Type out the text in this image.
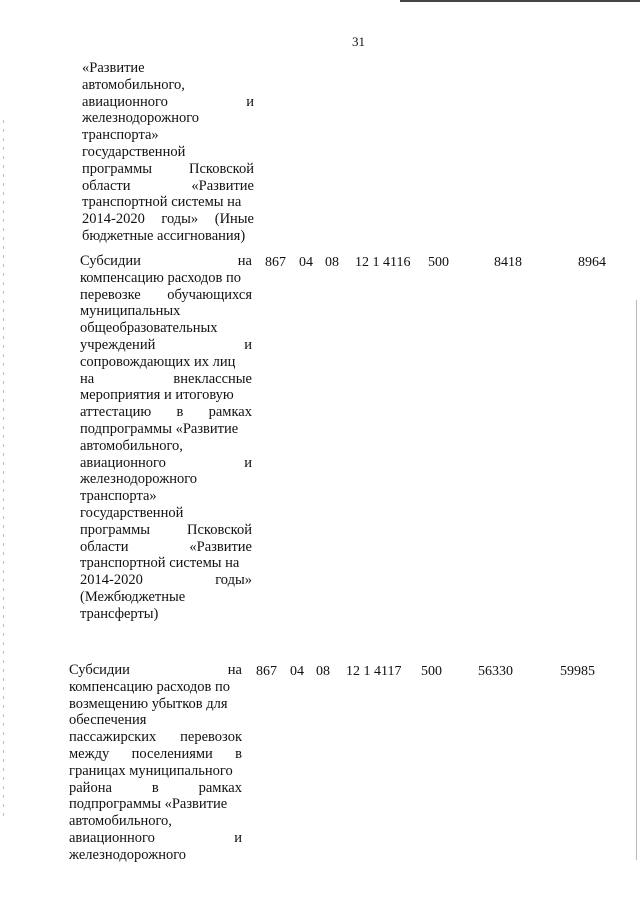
31
«Развитие
автомобильного,
авиационного	и
железнодорожного
транспорта»
государственной
программы	Псковской
области	«Развитие
транспортной системы на
2014-2020 годы» (Иные
бюджетные ассигнования)
Субсидии	на
компенсацию расходов по
перевозке обучающихся
муниципальных
общеобразовательных
учреждений	и
сопровождающих их лиц
на	внеклассные
мероприятия и итоговую
аттестацию в рамках
подпрограммы «Развитие
автомобильного,
авиационного	и
железнодорожного
транспорта»
государственной
программы	Псковской
области	«Развитие
транспортной системы на
2014-2020	годы»
(Межбюджетные
трансферты)
867 04 08 12 1 4116 500	8418	8964
Субсидии	на
компенсацию расходов по
возмещению убытков для
обеспечения
пассажирских перевозок
между поселениями в
границах муниципального
района	в	рамках
подпрограммы «Развитие
автомобильного,
авиационного	и
железнодорожного
867 04 08 12 1 4117 500	56330	59985
